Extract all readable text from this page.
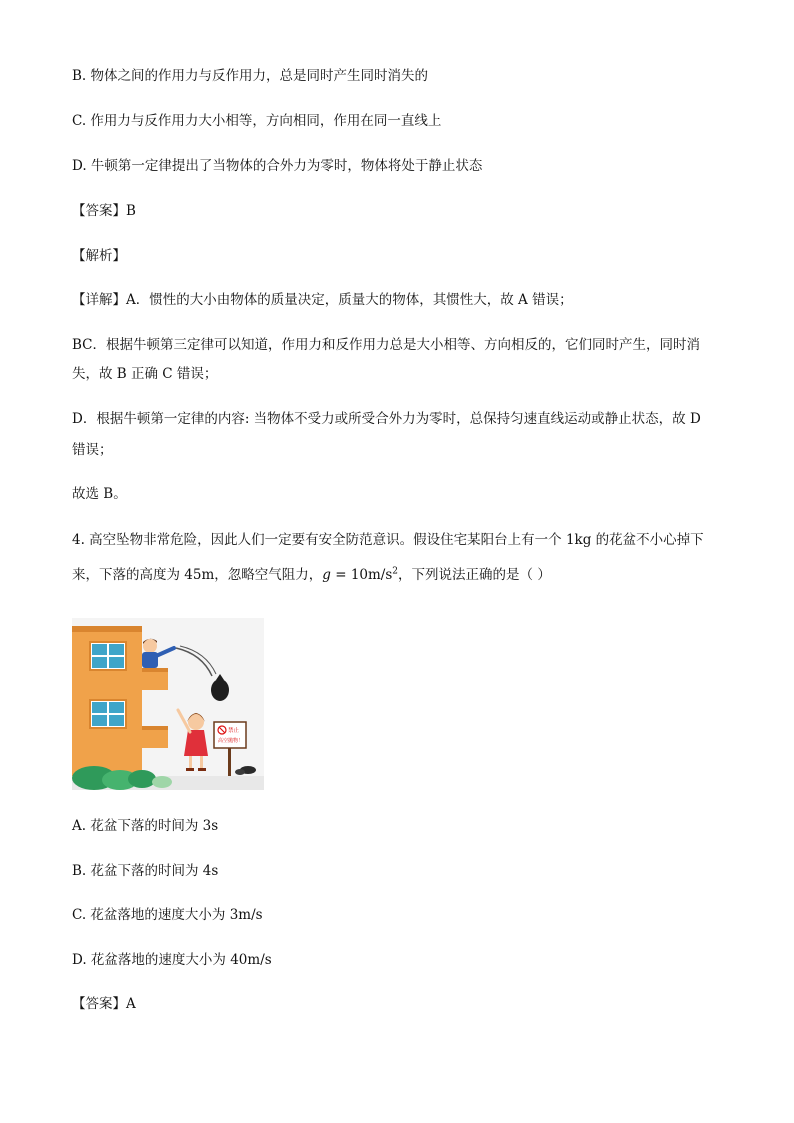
B. 物体之间的作用力与反作用力，总是同时产生同时消失的
C. 作用力与反作用力大小相等，方向相同，作用在同一直线上
D. 牛顿第一定律提出了当物体的合外力为零时，物体将处于静止状态
【答案】B
【解析】
【详解】A．惯性的大小由物体的质量决定，质量大的物体，其惯性大，故 A 错误；
BC．根据牛顿第三定律可以知道，作用力和反作用力总是大小相等、方向相反的，它们同时产生，同时消
失，故 B 正确 C 错误；
D．根据牛顿第一定律的内容: 当物体不受力或所受合外力为零时，总保持匀速直线运动或静止状态，故 D
错误；
故选 B。
4. 高空坠物非常危险，因此人们一定要有安全防范意识。假设住宅某阳台上有一个 1kg 的花盆不小心掉下
来，下落的高度为 45m，忽略空气阻力，$g = 10m/s^2$，下列说法正确的是（ ）
禁止
高空抛物！
A. 花盆下落的时间为 3s
B. 花盆下落的时间为 4s
C. 花盆落地的速度大小为 3m/s
D. 花盆落地的速度大小为 40m/s
【答案】A
